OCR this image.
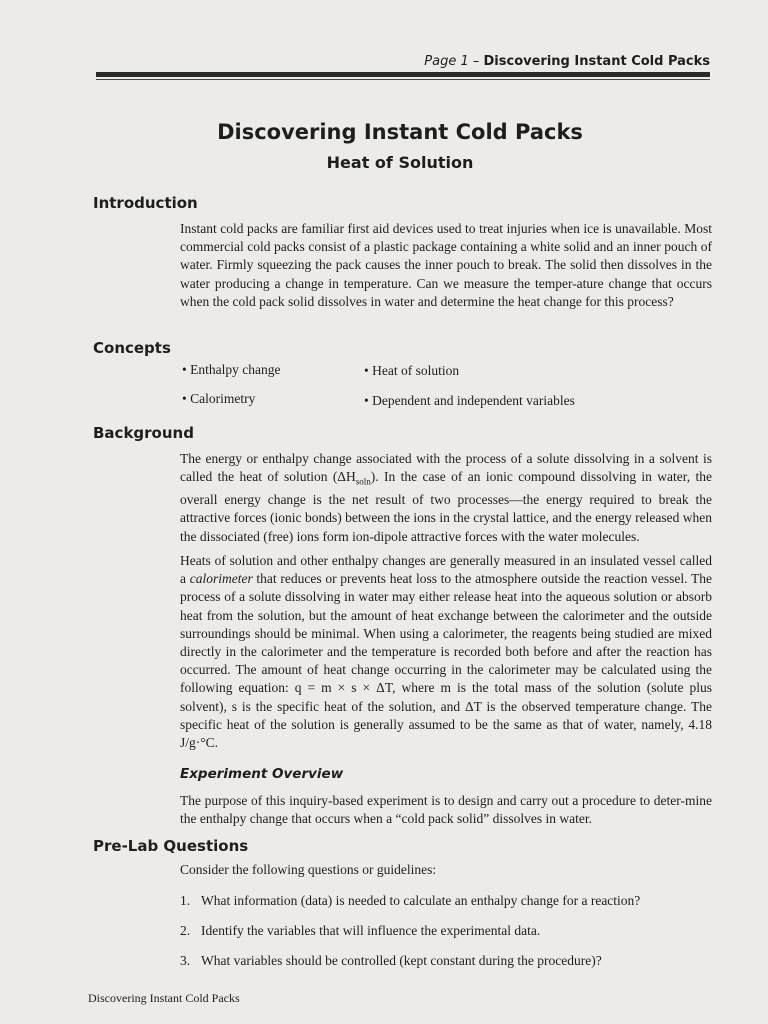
Page 1 – Discovering Instant Cold Packs
Discovering Instant Cold Packs
Heat of Solution
Introduction

Instant cold packs are familiar first aid devices used to treat injuries when ice is unavailable. Most commercial cold packs consist of a plastic package containing a white solid and an inner pouch of water. Firmly squeezing the pack causes the inner pouch to break. The solid then dissolves in the water producing a change in temperature. Can we measure the temper-ature change that occurs when the cold pack solid dissolves in water and determine the heat change for this process?

Concepts

• Enthalpy change	• Heat of solution

• Calorimetry	• Dependent and independent variables

Background

The energy or enthalpy change associated with the process of a solute dissolving in a solvent is called the heat of solution $(\Delta H_{soln})$. In the case of an ionic compound dissolving in water, the overall energy change is the net result of two processes—the energy required to break the attractive forces (ionic bonds) between the ions in the crystal lattice, and the energy released when the dissociated (free) ions form ion-dipole attractive forces with the water molecules.

Heats of solution and other enthalpy changes are generally measured in an insulated vessel called a calorimeter that reduces or prevents heat loss to the atmosphere outside the reaction vessel. The process of a solute dissolving in water may either release heat into the aqueous solution or absorb heat from the solution, but the amount of heat exchange between the calorimeter and the outside surroundings should be minimal. When using a calorimeter, the reagents being studied are mixed directly in the calorimeter and the temperature is recorded both before and after the reaction has occurred. The amount of heat change occurring in the calorimeter may be calculated using the following equation: q = m × s × ΔT, where m is the total mass of the solution (solute plus solvent), s is the specific heat of the solution, and ΔT is the observed temperature change. The specific heat of the solution is generally assumed to be the same as that of water, namely, 4.18 J/g·°C.

Experiment Overview

The purpose of this inquiry-based experiment is to design and carry out a procedure to deter-mine the enthalpy change that occurs when a “cold pack solid” dissolves in water.

Pre-Lab Questions

Consider the following questions or guidelines:

1. What information (data) is needed to calculate an enthalpy change for a reaction?

2. Identify the variables that will influence the experimental data.

3. What variables should be controlled (kept constant during the procedure)?

Discovering Instant Cold Packs
